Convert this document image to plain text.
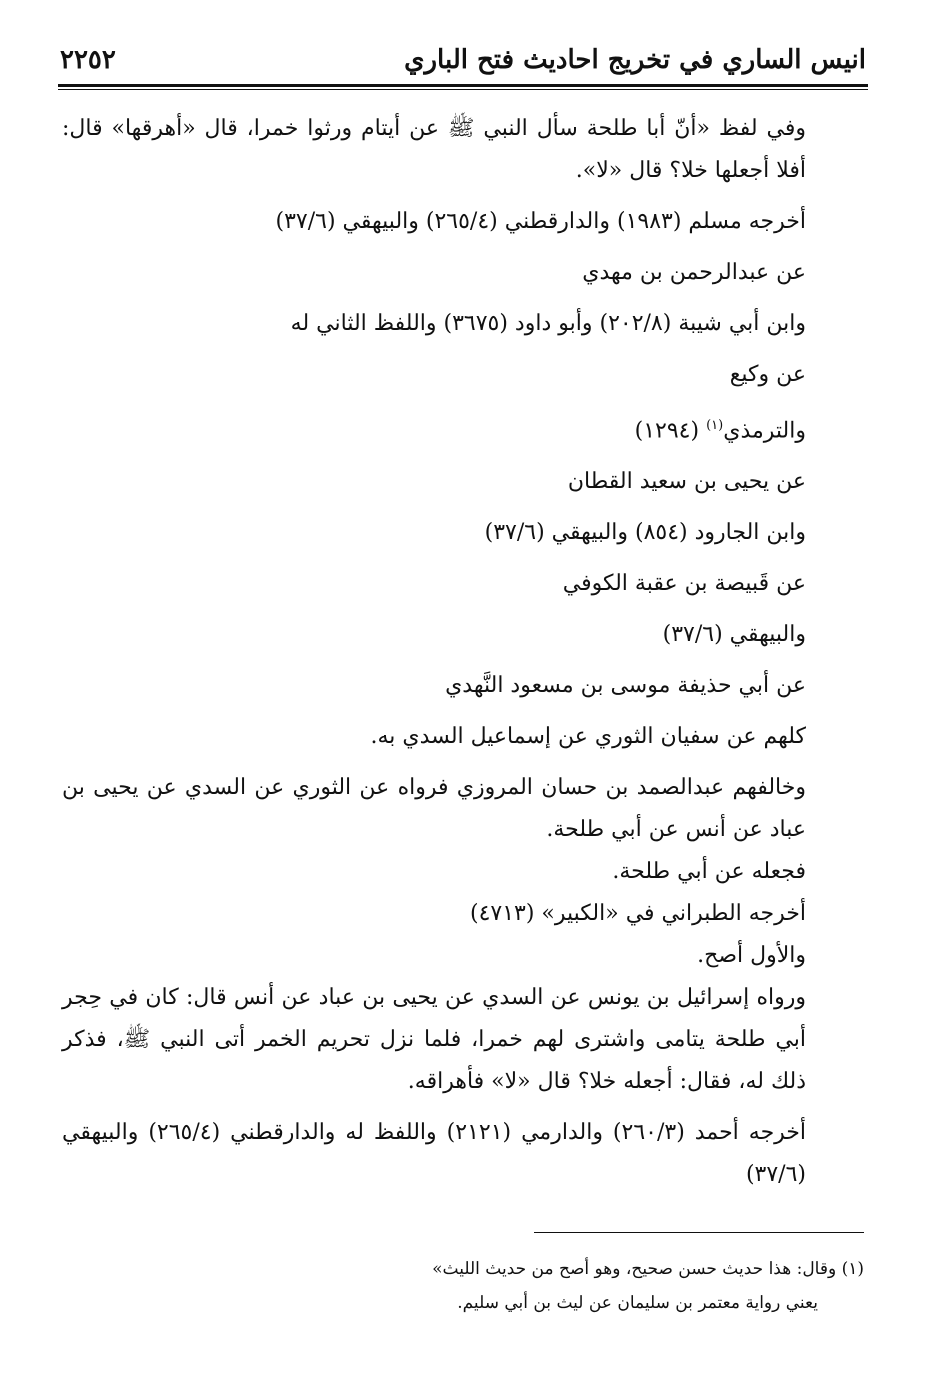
٢٢٥٢	انيس الساري في تخريج احاديث فتح الباري

وفي لفظ «أنّ أبا طلحة سأل النبي ﷺ عن أيتام ورثوا خمرا، قال «أهرقها» قال: أفلا أجعلها خلا؟ قال «لا».

أخرجه مسلم (١٩٨٣) والدارقطني (٢٦٥/٤) والبيهقي (٣٧/٦)

عن عبدالرحمن بن مهدي

وابن أبي شيبة (٢٠٢/٨) وأبو داود (٣٦٧٥) واللفظ الثاني له

عن وكيع

والترمذي$^{(١)}$ (١٢٩٤)

عن يحيى بن سعيد القطان

وابن الجارود (٨٥٤) والبيهقي (٣٧/٦)

عن قَبيصة بن عقبة الكوفي

والبيهقي (٣٧/٦)

عن أبي حذيفة موسى بن مسعود النَّهدي

كلهم عن سفيان الثوري عن إسماعيل السدي به.

وخالفهم عبدالصمد بن حسان المروزي فرواه عن الثوري عن السدي عن يحيى بن عباد عن أنس عن أبي طلحة.

فجعله عن أبي طلحة.

أخرجه الطبراني في «الكبير» (٤٧١٣)

والأول أصح.

ورواه إسرائيل بن يونس عن السدي عن يحيى بن عباد عن أنس قال: كان في حِجر أبي طلحة يتامى واشترى لهم خمرا، فلما نزل تحريم الخمر أتى النبي ﷺ، فذكر ذلك له، فقال: أجعله خلا؟ قال «لا» فأهراقه.

أخرجه أحمد (٢٦٠/٣) والدارمي (٢١٢١) واللفظ له والدارقطني (٢٦٥/٤) والبيهقي (٣٧/٦)

(١) وقال: هذا حديث حسن صحيح، وهو أصح من حديث الليث»

يعني رواية معتمر بن سليمان عن ليث بن أبي سليم.
